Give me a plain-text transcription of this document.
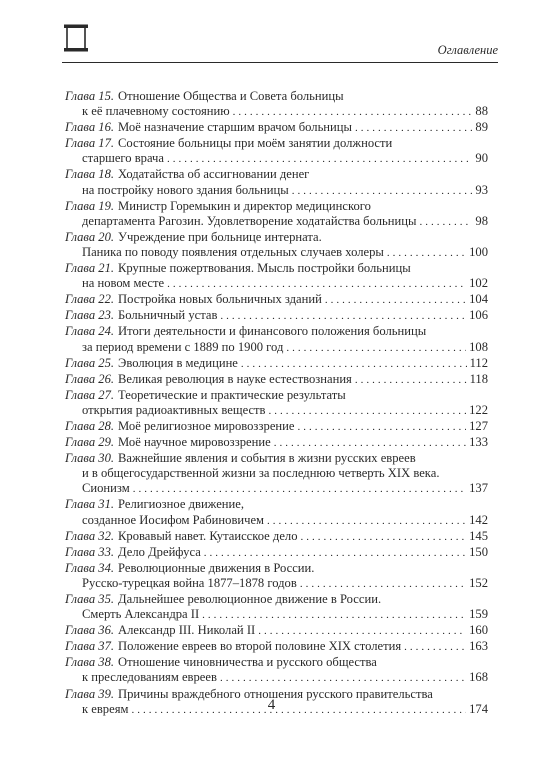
Оглавление
Глава 15. Отношение Общества и Совета больницы
к её плачевному состоянию .....	88
Глава 16. Моё назначение старшим врачом больницы .....	89
Глава 17. Состояние больницы при моём занятии должности
старшего врача .....	90
Глава 18. Ходатайства об ассигновании денег
на постройку нового здания больницы .....	93
Глава 19. Министр Горемыкин и директор медицинского
департамента Рагозин. Удовлетворение ходатайства больницы .....	98
Глава 20. Учреждение при больнице интерната.
Паника по поводу появления отдельных случаев холеры .....	100
Глава 21. Крупные пожертвования. Мысль постройки больницы
на новом месте .....	102
Глава 22. Постройка новых больничных зданий .....	104
Глава 23. Больничный устав .....	106
Глава 24. Итоги деятельности и финансового положения больницы
за период времени с 1889 по 1900 год .....	108
Глава 25. Эволюция в медицине .....	112
Глава 26. Великая революция в науке естествознания .....	118
Глава 27. Теоретические и практические результаты
открытия радиоактивных веществ .....	122
Глава 28. Моё религиозное мировоззрение .....	127
Глава 29. Моё научное мировоззрение .....	133
Глава 30. Важнейшие явления и события в жизни русских евреев
и в общегосударственной жизни за последнюю четверть XIX века.
Сионизм .....	137
Глава 31. Религиозное движение,
созданное Иосифом Рабиновичем .....	142
Глава 32. Кровавый навет. Кутаисское дело .....	145
Глава 33. Дело Дрейфуса .....	150
Глава 34. Революционные движения в России.
Русско-турецкая война 1877–1878 годов .....	152
Глава 35. Дальнейшее революционное движение в России.
Смерть Александра II .....	159
Глава 36. Александр III. Николай II .....	160
Глава 37. Положение евреев во второй половине XIX столетия .....	163
Глава 38. Отношение чиновничества и русского общества
к преследованиям евреев .....	168
Глава 39. Причины враждебного отношения русского правительства
к евреям .....	174
4
